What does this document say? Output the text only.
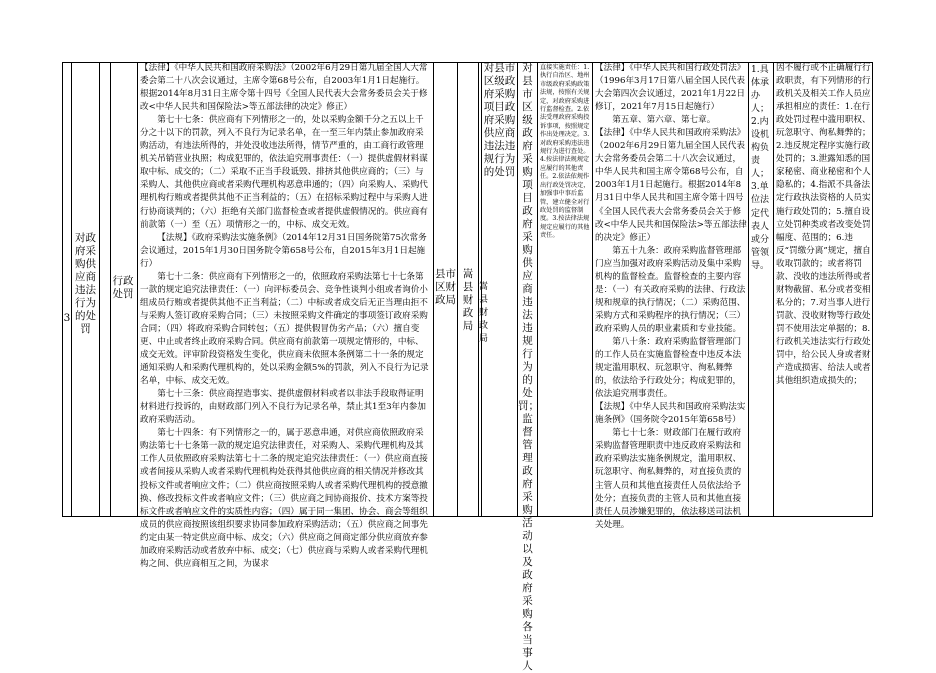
3
对政府采购供应商违法行为的处罚
行政处罚

【法律】《中华人民共和国政府采购法》（2002年6月29日第九届全国人大常委会第二十八次会议通过，主席令第68号公布，自2003年1月1日起施行。根据2014年8月31日主席令第十四号《全国人民代表大会常务委员会关于修改<中华人民共和国保险法>等五部法律的决定》修正）

第七十七条：供应商有下列情形之一的，处以采购金额千分之五以上千分之十以下的罚款，列入不良行为记录名单，在一至三年内禁止参加政府采购活动，有违法所得的，并处没收违法所得，情节严重的，由工商行政管理机关吊销营业执照；构成犯罪的，依法追究刑事责任：（一）提供虚假材料谋取中标、成交的；（二）采取不正当手段诋毁、排挤其他供应商的；（三）与采购人、其他供应商或者采购代理机构恶意串通的；（四）向采购人、采购代理机构行贿或者提供其他不正当利益的；（五）在招标采购过程中与采购人进行协商谈判的；（六）拒绝有关部门监督检查或者提供虚假情况的。供应商有前款第（一）至（五）项情形之一的，中标、成交无效。

【法规】《政府采购法实施条例》（2014年12月31日国务院第75次常务会议通过，2015年1月30日国务院令第658号公布，自2015年3月1日起施行）

第七十二条：供应商有下列情形之一的，依照政府采购法第七十七条第一款的规定追究法律责任：（一）向评标委员会、竞争性谈判小组或者询价小组成员行贿或者提供其他不正当利益；（二）中标或者成交后无正当理由拒不与采购人签订政府采购合同；（三）未按照采购文件确定的事项签订政府采购合同；（四）将政府采购合同转包；（五）提供假冒伪劣产品；（六）擅自变更、中止或者终止政府采购合同。供应商有前款第一项规定情形的，中标、成交无效。评审阶段资格发生变化，供应商未依照本条例第二十一条的规定通知采购人和采购代理机构的，处以采购金额5%的罚款，列入不良行为记录名单，中标、成交无效。

第七十三条：供应商捏造事实、提供虚假材料或者以非法手段取得证明材料进行投诉的，由财政部门列入不良行为记录名单，禁止其1至3年内参加政府采购活动。

第七十四条：有下列情形之一的，属于恶意串通，对供应商依照政府采购法第七十七条第一款的规定追究法律责任，对采购人、采购代理机构及其工作人员依照政府采购法第七十二条的规定追究法律责任：（一）供应商直接或者间接从采购人或者采购代理机构处获得其他供应商的相关情况并修改其投标文件或者响应文件；（二）供应商按照采购人或者采购代理机构的授意撤换、修改投标文件或者响应文件；（三）供应商之间协商报价、技术方案等投标文件或者响应文件的实质性内容；（四）属于同一集团、协会、商会等组织成员的供应商按照该组织要求协同参加政府采购活动；（五）供应商之间事先约定由某一特定供应商中标、成交；（六）供应商之间商定部分供应商放弃参加政府采购活动或者放弃中标、成交；（七）供应商与采购人或者采购代理机构之间、供应商相互之间，为谋求

县市区财政局
嵩县财政局
嵩县财政局
对县市区级政府采购项目政府采购供应商违法违规行为的处罚
对县市区级政府采购项目政府采购供应商违法违规行为的处罚；监督管理政府采购活动以及政府采购各当事人
直接实施责任：1.执行自治区、地州市级政府采购政策法规，按照有关规定，对政府采购进行监督检查。2.依法受理政府采购投诉事项，按照规定作出处理决定。3.对政府采购违法违规行为进行查处。4.按法律法规规定应履行的其他责任。2.依法依规作出行政处罚决定，加强事中事后监管，建立健全对行政处罚的监督制度。3.按法律法规规定应履行的其他责任。

【法律】《中华人民共和国行政处罚法》（1996年3月17日第八届全国人民代表大会第四次会议通过，2021年1月22日修订，2021年7月15日起施行）

第五章、第六章、第七章。

【法律】《中华人民共和国政府采购法》（2002年6月29日第九届全国人民代表大会常务委员会第二十八次会议通过，中华人民共和国主席令第68号公布，自2003年1月1日起施行。根据2014年8月31日中华人民共和国主席令第十四号《全国人民代表大会常务委员会关于修改<中华人民共和国保险法>等五部法律的决定》修正）

第五十九条：政府采购监督管理部门应当加强对政府采购活动及集中采购机构的监督检查。监督检查的主要内容是：（一）有关政府采购的法律、行政法规和规章的执行情况；（二）采购范围、采购方式和采购程序的执行情况；（三）政府采购人员的职业素质和专业技能。

第八十条：政府采购监督管理部门的工作人员在实施监督检查中违反本法规定滥用职权、玩忽职守、徇私舞弊的，依法给予行政处分；构成犯罪的，依法追究刑事责任。

【法规】《中华人民共和国政府采购法实施条例》（国务院令2015年第658号）

第七十七条：财政部门在履行政府采购监督管理职责中违反政府采购法和政府采购法实施条例规定，滥用职权、玩忽职守、徇私舞弊的，对直接负责的主管人员和其他直接责任人员依法给予处分；直接负责的主管人员和其他直接责任人员涉嫌犯罪的，依法移送司法机关处理。

1.具体承办人；2.内设机构负责人；3.单位法定代表人或分管领导。
因不履行或不正确履行行政职责，有下列情形的行政机关及相关工作人员应承担相应的责任：1.在行政处罚过程中滥用职权、玩忽职守、徇私舞弊的；2.违反规定程序实施行政处罚的；3.泄露知悉的国家秘密、商业秘密和个人隐私的；4.指派不具备法定行政执法资格的人员实施行政处罚的；5.擅自设立处罚种类或者改变处罚幅度、范围的；6.违反“罚缴分离”规定，擅自收取罚款的；或者将罚款、没收的违法所得或者财物截留、私分或者变相私分的；7.对当事人进行罚款、没收财物等行政处罚不使用法定单据的；8.行政机关违法实行行政处罚中，给公民人身或者财产造成损害、给法人或者其他组织造成损失的；
